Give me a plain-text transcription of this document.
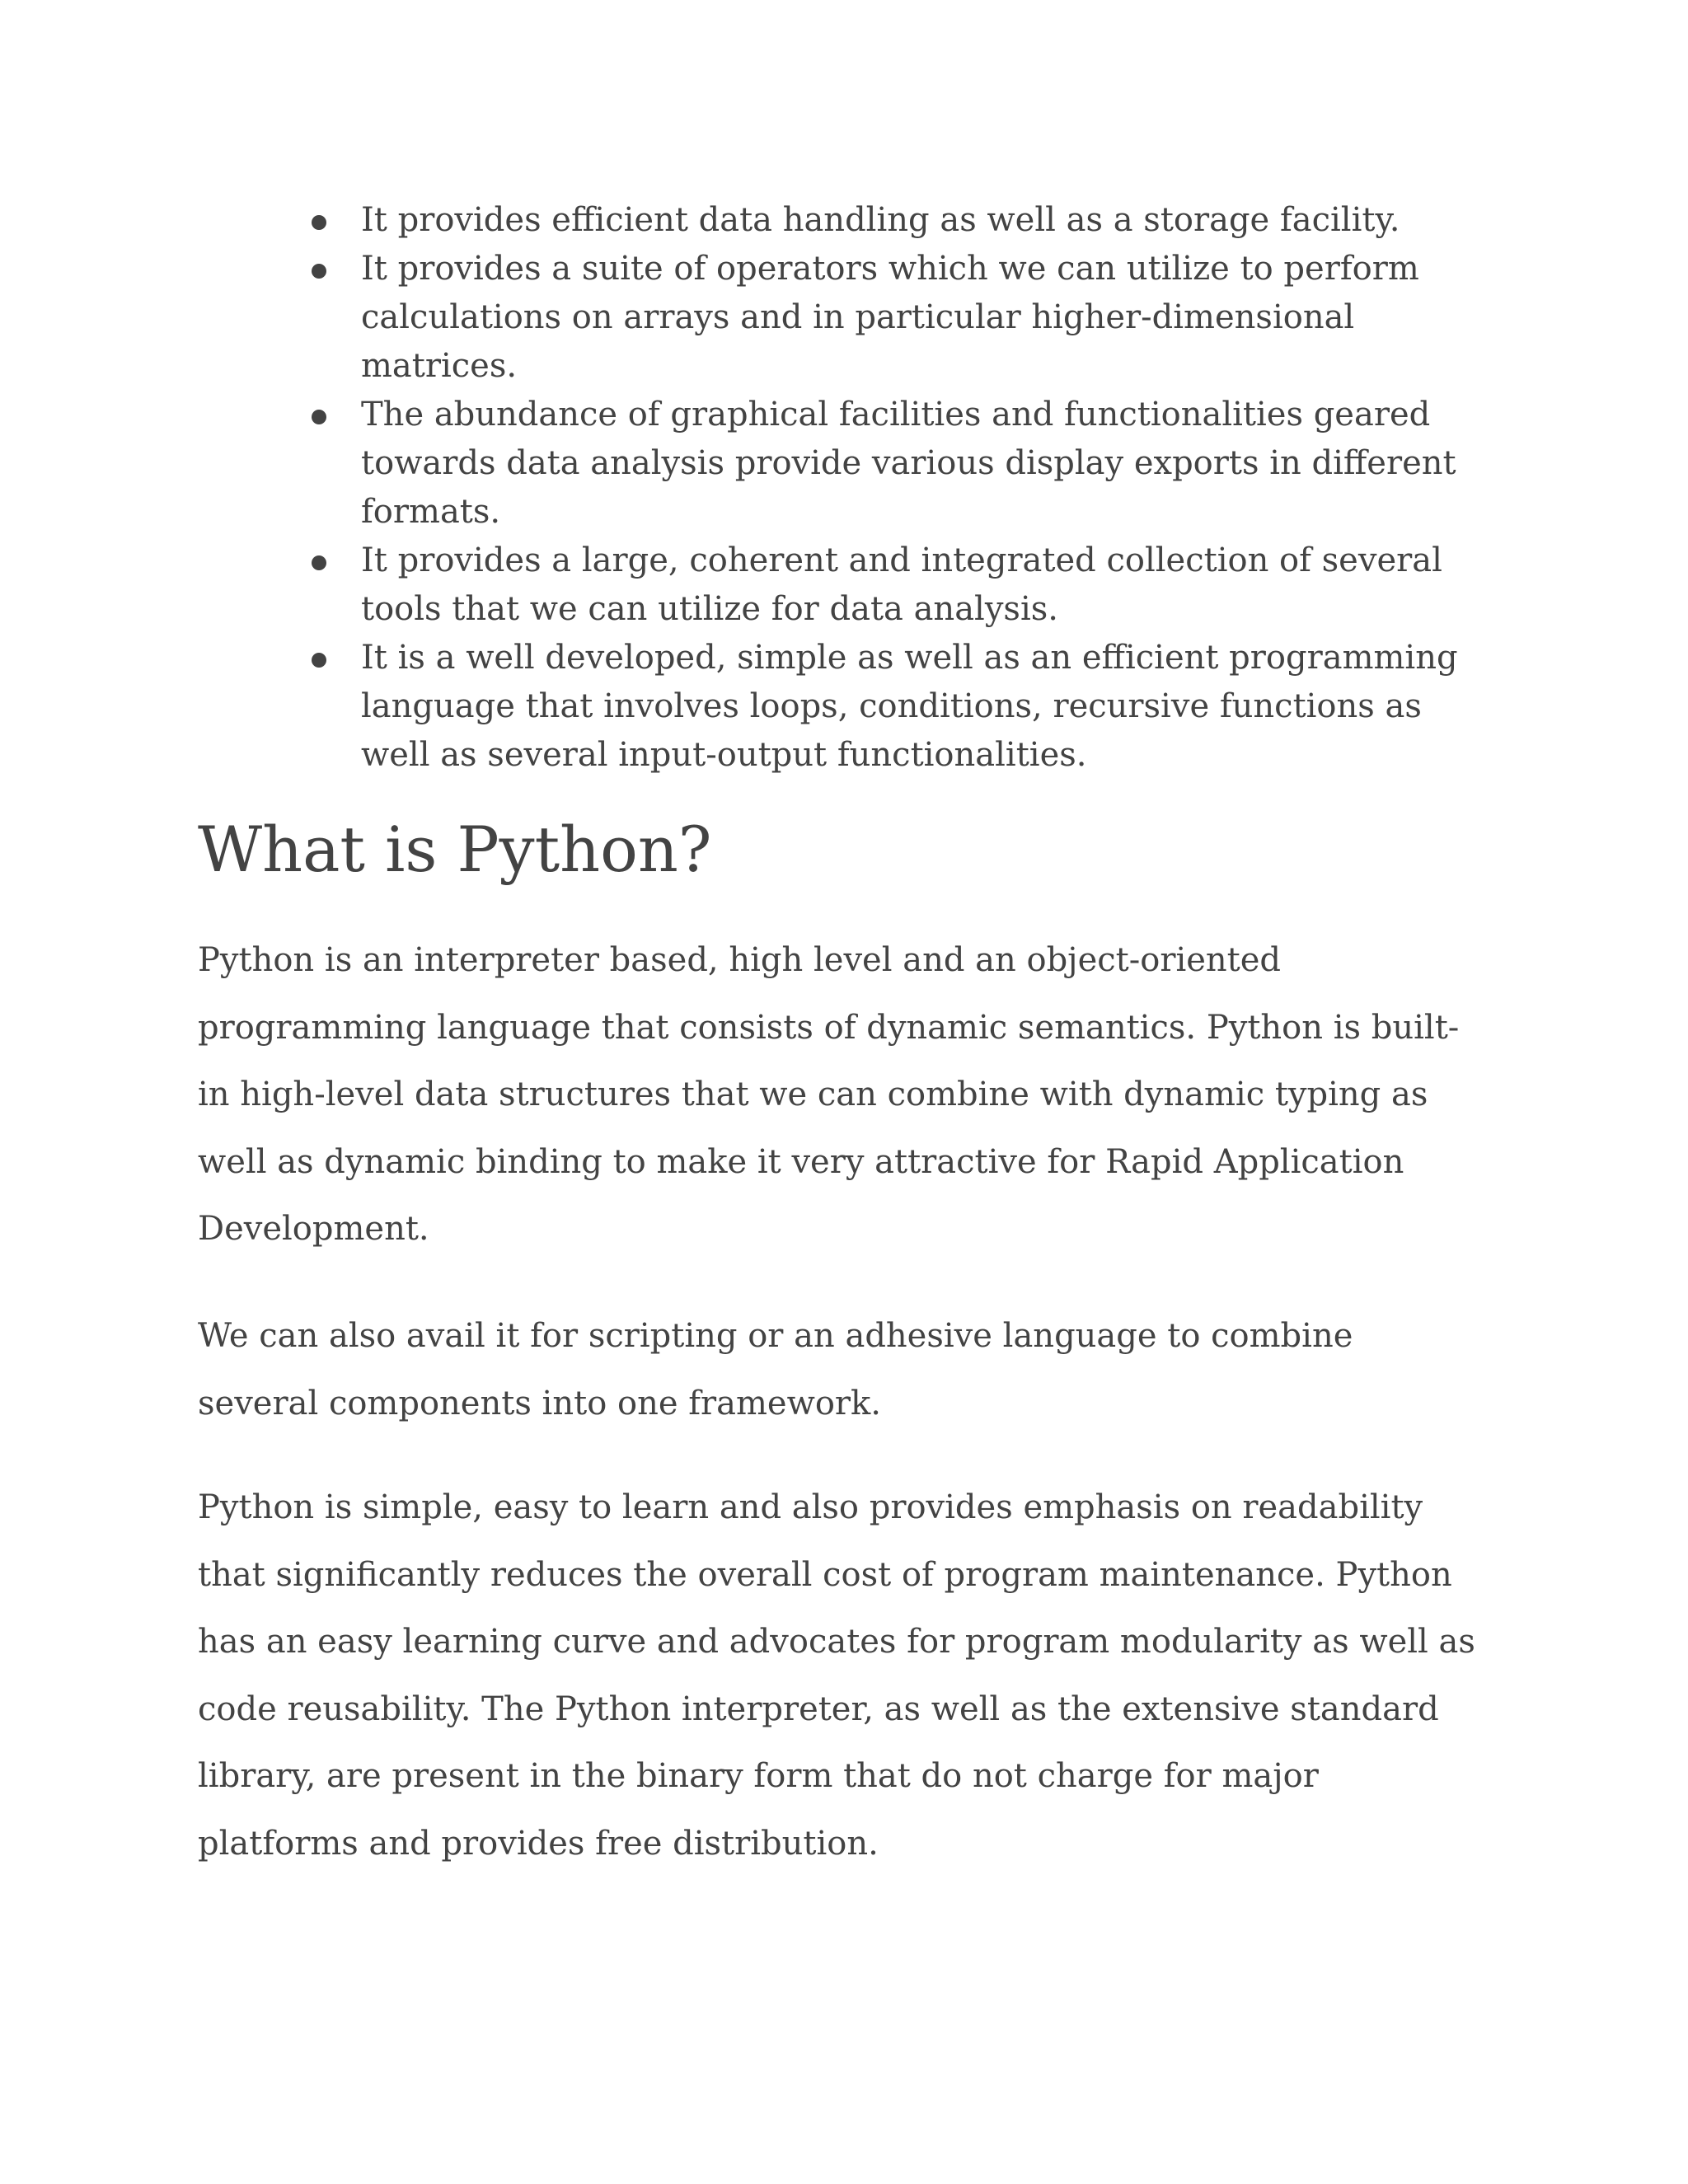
It provides efficient data handling as well as a storage facility.
It provides a suite of operators which we can utilize to perform calculations on arrays and in particular higher-dimensional matrices.
The abundance of graphical facilities and functionalities geared towards data analysis provide various display exports in different formats.
It provides a large, coherent and integrated collection of several tools that we can utilize for data analysis.
It is a well developed, simple as well as an efficient programming language that involves loops, conditions, recursive functions as well as several input-output functionalities.
What is Python?

Python is an interpreter based, high level and an object-oriented programming language that consists of dynamic semantics. Python is built-in high-level data structures that we can combine with dynamic typing as well as dynamic binding to make it very attractive for Rapid Application Development.

We can also avail it for scripting or an adhesive language to combine several components into one framework.

Python is simple, easy to learn and also provides emphasis on readability that significantly reduces the overall cost of program maintenance. Python has an easy learning curve and advocates for program modularity as well as code reusability. The Python interpreter, as well as the extensive standard library, are present in the binary form that do not charge for major platforms and provides free distribution.
